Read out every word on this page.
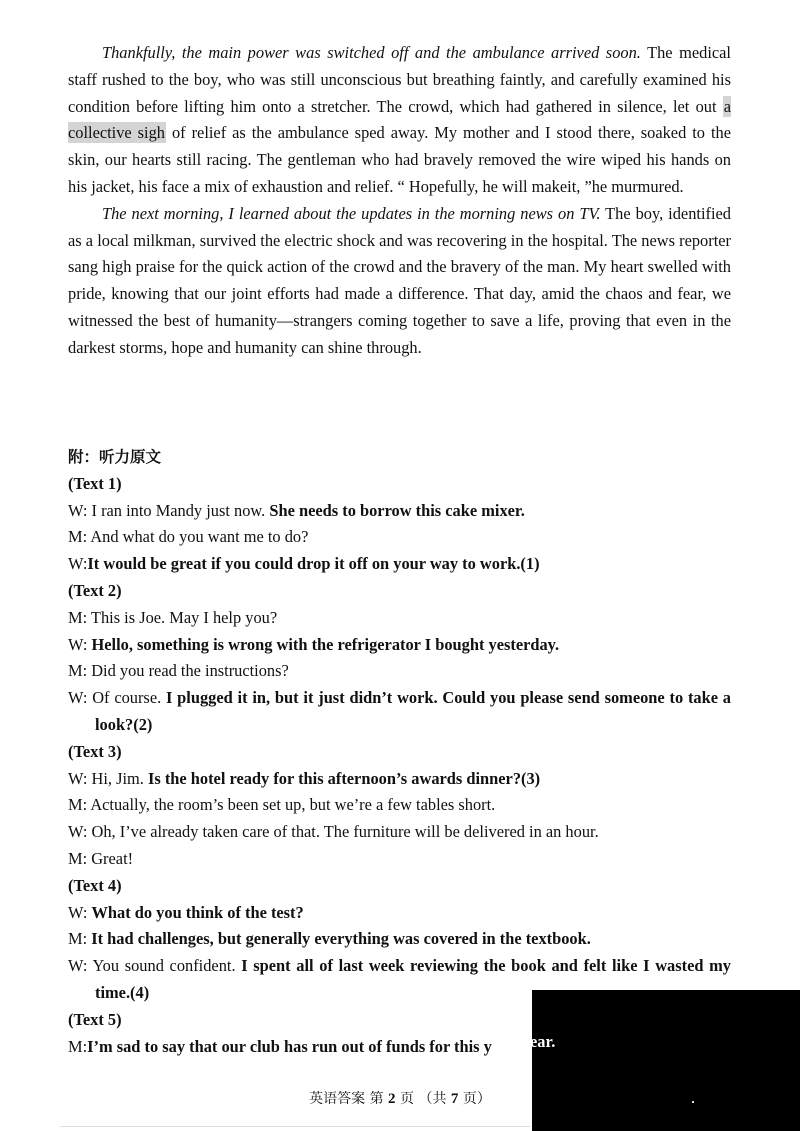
Thankfully, the main power was switched off and the ambulance arrived soon. The medical staff rushed to the boy, who was still unconscious but breathing faintly, and carefully examined his condition before lifting him onto a stretcher. The crowd, which had gathered in silence, let out a collective sigh of relief as the ambulance sped away. My mother and I stood there, soaked to the skin, our hearts still racing. The gentleman who had bravely removed the wire wiped his hands on his jacket, his face a mix of exhaustion and relief. “ Hopefully, he will makeit, ”he murmured.

The next morning, I learned about the updates in the morning news on TV. The boy, identified as a local milkman, survived the electric shock and was recovering in the hospital. The news reporter sang high praise for the quick action of the crowd and the bravery of the man. My heart swelled with pride, knowing that our joint efforts had made a difference. That day, amid the chaos and fear, we witnessed the best of humanity—strangers coming together to save a life, proving that even in the darkest storms, hope and humanity can shine through.

附：听力原文
(Text 1)
W: I ran into Mandy just now. She needs to borrow this cake mixer.
M: And what do you want me to do?
W:It would be great if you could drop it off on your way to work.(1)
(Text 2)
M: This is Joe. May I help you?
W: Hello, something is wrong with the refrigerator I bought yesterday.
M: Did you read the instructions?
W: Of course. I plugged it in, but it just didn’t work. Could you please send someone to take a look?(2)
(Text 3)
W: Hi, Jim. Is the hotel ready for this afternoon’s awards dinner?(3)
M: Actually, the room’s been set up, but we’re a few tables short.
W: Oh, I’ve already taken care of that. The furniture will be delivered in an hour.
M: Great!
(Text 4)
W: What do you think of the test?
M: It had challenges, but generally everything was covered in the textbook.
W: You sound confident. I spent all of last week reviewing the book and felt like I wasted my time.(4)
(Text 5)
M:I’m sad to say that our club has run out of funds for this y
英语答案 第 2 页 （共 7 页）
ear.
